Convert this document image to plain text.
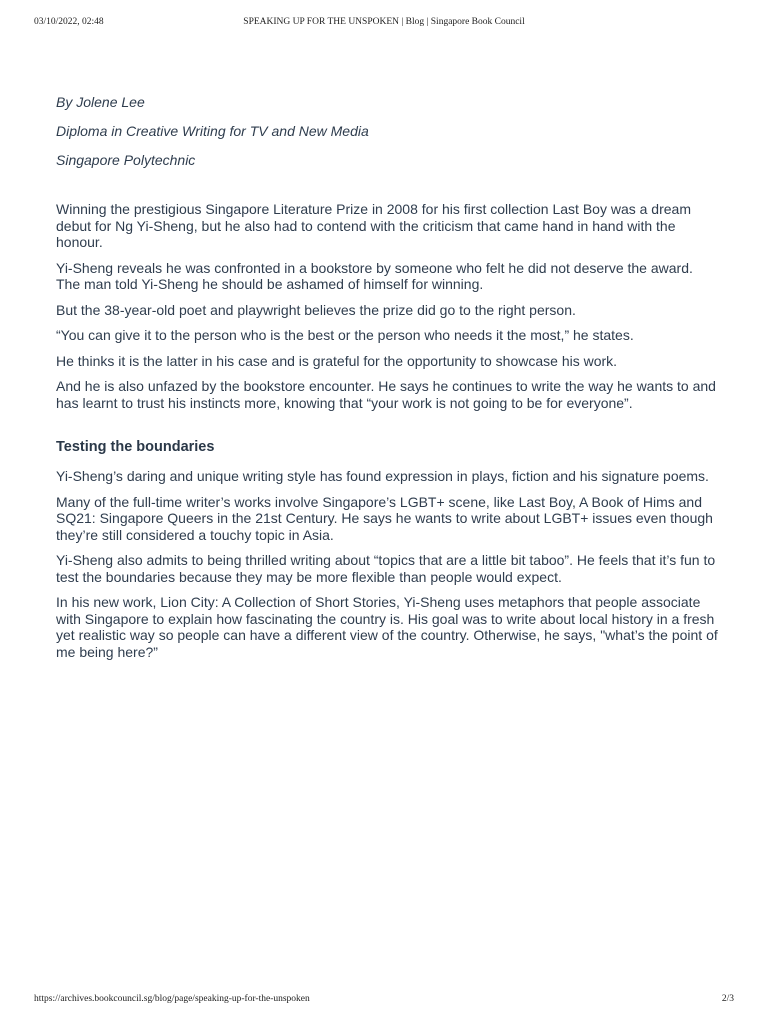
03/10/2022, 02:48	SPEAKING UP FOR THE UNSPOKEN | Blog | Singapore Book Council

By Jolene Lee

Diploma in Creative Writing for TV and New Media

Singapore Polytechnic

Winning the prestigious Singapore Literature Prize in 2008 for his first collection Last Boy was a dream debut for Ng Yi-Sheng, but he also had to contend with the criticism that came hand in hand with the honour.

Yi-Sheng reveals he was confronted in a bookstore by someone who felt he did not deserve the award. The man told Yi-Sheng he should be ashamed of himself for winning.

But the 38-year-old poet and playwright believes the prize did go to the right person.

“You can give it to the person who is the best or the person who needs it the most,” he states.

He thinks it is the latter in his case and is grateful for the opportunity to showcase his work.

And he is also unfazed by the bookstore encounter. He says he continues to write the way he wants to and has learnt to trust his instincts more, knowing that “your work is not going to be for everyone”.

Testing the boundaries

Yi-Sheng’s daring and unique writing style has found expression in plays, fiction and his signature poems.

Many of the full-time writer’s works involve Singapore’s LGBT+ scene, like Last Boy, A Book of Hims and SQ21: Singapore Queers in the 21st Century. He says he wants to write about LGBT+ issues even though they’re still considered a touchy topic in Asia.

Yi-Sheng also admits to being thrilled writing about “topics that are a little bit taboo”. He feels that it’s fun to test the boundaries because they may be more flexible than people would expect.

In his new work, Lion City: A Collection of Short Stories, Yi-Sheng uses metaphors that people associate with Singapore to explain how fascinating the country is. His goal was to write about local history in a fresh yet realistic way so people can have a different view of the country. Otherwise, he says, "what’s the point of me being here?”

https://archives.bookcouncil.sg/blog/page/speaking-up-for-the-unspoken	2/3
